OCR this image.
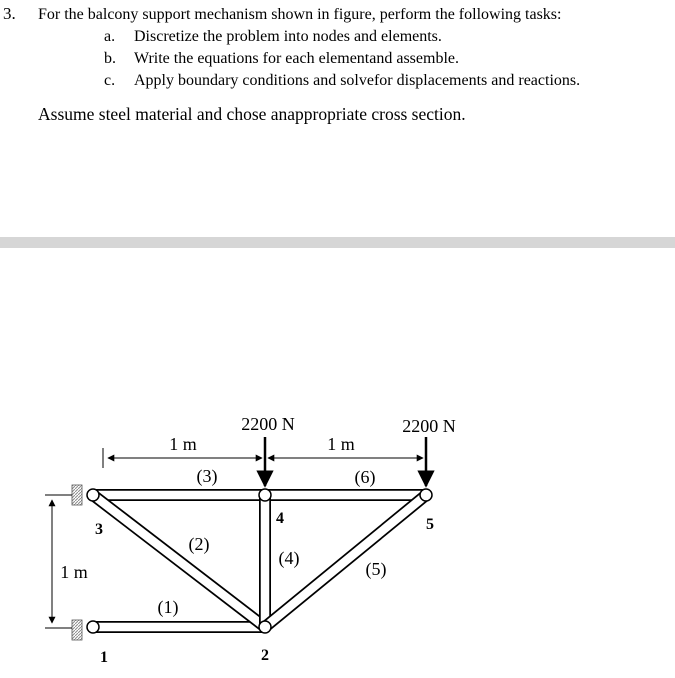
3. For the balcony support mechanism shown in figure, perform the following tasks:
a. Discretize the problem into nodes and elements.
b. Write the equations for each elementand assemble.
c. Apply boundary conditions and solvefor displacements and reactions.
Assume steel material and chose anappropriate cross section.
2200 N	2200 N
1 m	1 m
1 m
(1)
(2)
(3)
(4)
(5)
(6)
1	2
3
4	5
